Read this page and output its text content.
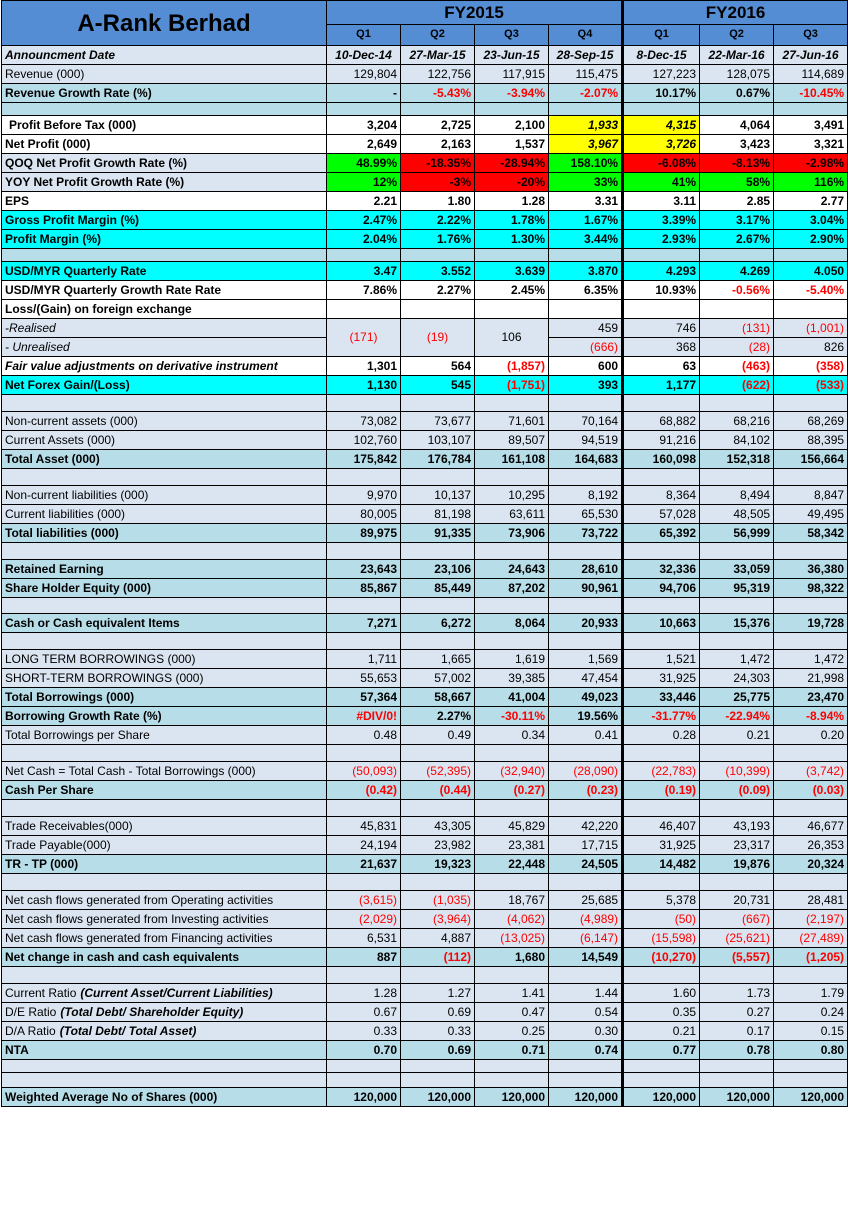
A-Rank Berhad	FY2015				FY2016		
	Q1	Q2	Q3	Q4	Q1	Q2	Q3
Announcment Date	10-Dec-14	27-Mar-15	23-Jun-15	28-Sep-15	8-Dec-15	22-Mar-16	27-Jun-16
Revenue (000)	129,804	122,756	117,915	115,475	127,223	128,075	114,689
Revenue Growth Rate (%)	-	-5.43%	-3.94%	-2.07%	10.17%	0.67%	-10.45%

Profit Before Tax (000)	3,204	2,725	2,100	1,933	4,315	4,064	3,491
Net Profit (000)	2,649	2,163	1,537	3,967	3,726	3,423	3,321
QOQ Net Profit Growth Rate (%)	48.99%	-18.35%	-28.94%	158.10%	-6.08%	-8.13%	-2.98%
YOY Net Profit Growth Rate (%)	12%	-3%	-20%	33%	41%	58%	116%
EPS	2.21	1.80	1.28	3.31	3.11	2.85	2.77
Gross Profit Margin (%)	2.47%	2.22%	1.78%	1.67%	3.39%	3.17%	3.04%
Profit Margin (%)	2.04%	1.76%	1.30%	3.44%	2.93%	2.67%	2.90%

USD/MYR Quarterly Rate	3.47	3.552	3.639	3.870	4.293	4.269	4.050
USD/MYR Quarterly Growth Rate Rate	7.86%	2.27%	2.45%	6.35%	10.93%	-0.56%	-5.40%
Loss/(Gain) on foreign exchange							
-Realised	(171)	(19)	106	459	746	(131)	(1,001)
- Unrealised				(666)	368	(28)	826
Fair value adjustments on derivative instrument	1,301	564	(1,857)	600	63	(463)	(358)
Net Forex Gain/(Loss)	1,130	545	(1,751)	393	1,177	(622)	(533)

Non-current assets (000)	73,082	73,677	71,601	70,164	68,882	68,216	68,269
Current Assets (000)	102,760	103,107	89,507	94,519	91,216	84,102	88,395
Total Asset (000)	175,842	176,784	161,108	164,683	160,098	152,318	156,664

Non-current liabilities (000)	9,970	10,137	10,295	8,192	8,364	8,494	8,847
Current liabilities (000)	80,005	81,198	63,611	65,530	57,028	48,505	49,495
Total liabilities (000)	89,975	91,335	73,906	73,722	65,392	56,999	58,342

Retained Earning	23,643	23,106	24,643	28,610	32,336	33,059	36,380
Share Holder Equity (000)	85,867	85,449	87,202	90,961	94,706	95,319	98,322

Cash or Cash equivalent Items	7,271	6,272	8,064	20,933	10,663	15,376	19,728

LONG TERM BORROWINGS (000)	1,711	1,665	1,619	1,569	1,521	1,472	1,472
SHORT-TERM BORROWINGS (000)	55,653	57,002	39,385	47,454	31,925	24,303	21,998
Total Borrowings (000)	57,364	58,667	41,004	49,023	33,446	25,775	23,470
Borrowing Growth Rate (%)	#DIV/0!	2.27%	-30.11%	19.56%	-31.77%	-22.94%	-8.94%
Total Borrowings per Share	0.48	0.49	0.34	0.41	0.28	0.21	0.20

Net Cash = Total Cash - Total Borrowings (000)	(50,093)	(52,395)	(32,940)	(28,090)	(22,783)	(10,399)	(3,742)
Cash Per Share	(0.42)	(0.44)	(0.27)	(0.23)	(0.19)	(0.09)	(0.03)

Trade Receivables(000)	45,831	43,305	45,829	42,220	46,407	43,193	46,677
Trade Payable(000)	24,194	23,982	23,381	17,715	31,925	23,317	26,353
TR - TP (000)	21,637	19,323	22,448	24,505	14,482	19,876	20,324

Net cash flows generated from Operating activities	(3,615)	(1,035)	18,767	25,685	5,378	20,731	28,481
Net cash flows generated from Investing activities	(2,029)	(3,964)	(4,062)	(4,989)	(50)	(667)	(2,197)
Net cash flows generated from Financing activities	6,531	4,887	(13,025)	(6,147)	(15,598)	(25,621)	(27,489)
Net change in cash and cash equivalents	887	(112)	1,680	14,549	(10,270)	(5,557)	(1,205)

Current Ratio (Current Asset/Current Liabilities)	1.28	1.27	1.41	1.44	1.60	1.73	1.79
D/E Ratio (Total Debt/ Shareholder Equity)	0.67	0.69	0.47	0.54	0.35	0.27	0.24
D/A Ratio (Total Debt/ Total Asset)	0.33	0.33	0.25	0.30	0.21	0.17	0.15
NTA	0.70	0.69	0.71	0.74	0.77	0.78	0.80

Weighted Average No of Shares (000)	120,000	120,000	120,000	120,000	120,000	120,000	120,000
